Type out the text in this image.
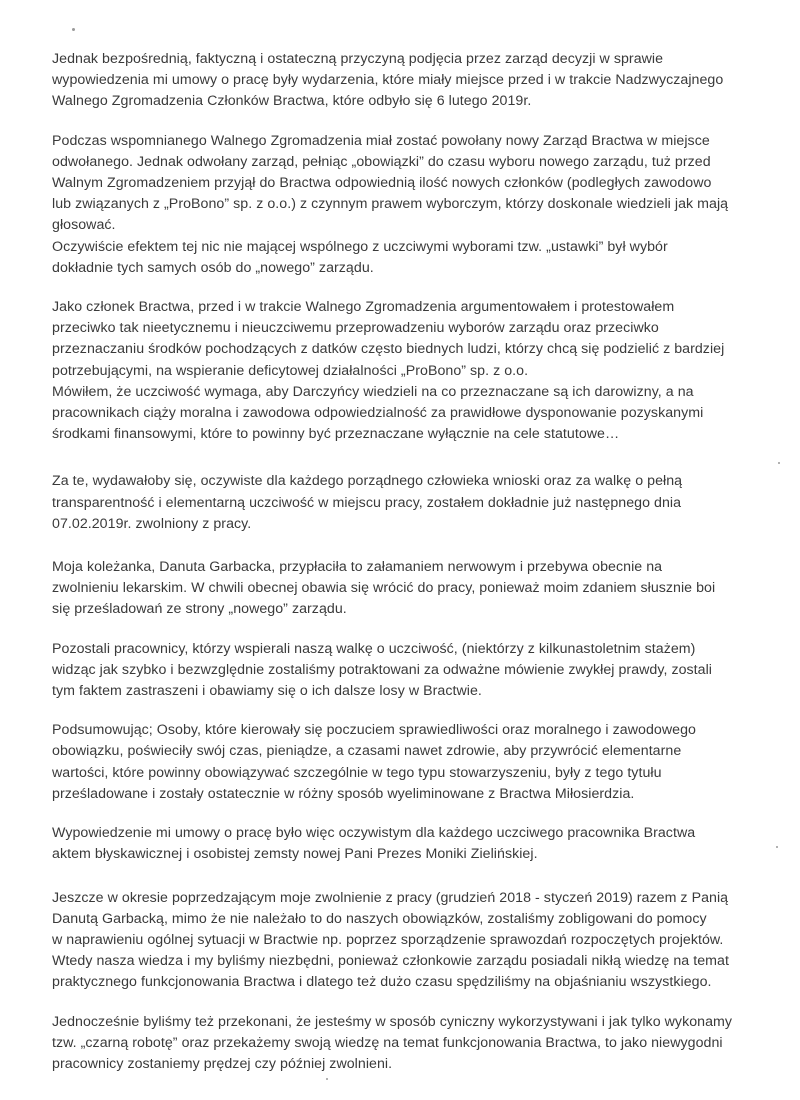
Jednak bezpośrednią, faktyczną i ostateczną przyczyną podjęcia przez zarząd decyzji w sprawie
wypowiedzenia mi umowy o pracę były wydarzenia, które miały miejsce przed i w trakcie Nadzwyczajnego
Walnego Zgromadzenia Członków Bractwa, które odbyło się 6 lutego 2019r.

Podczas wspomnianego Walnego Zgromadzenia miał zostać powołany nowy Zarząd Bractwa w miejsce
odwołanego. Jednak odwołany zarząd, pełniąc „obowiązki” do czasu wyboru nowego zarządu, tuż przed
Walnym Zgromadzeniem przyjął do Bractwa odpowiednią ilość nowych członków (podległych zawodowo
lub związanych z „ProBono” sp. z o.o.) z czynnym prawem wyborczym, którzy doskonale wiedzieli jak mają
głosować.
Oczywiście efektem tej nic nie mającej wspólnego z uczciwymi wyborami tzw. „ustawki” był wybór
dokładnie tych samych osób do „nowego” zarządu.

Jako członek Bractwa, przed i w trakcie Walnego Zgromadzenia argumentowałem i protestowałem
przeciwko tak nieetycznemu i nieuczciwemu przeprowadzeniu wyborów zarządu oraz przeciwko
przeznaczaniu środków pochodzących z datków często biednych ludzi, którzy chcą się podzielić z bardziej
potrzebującymi, na wspieranie deficytowej działalności „ProBono” sp. z o.o.
Mówiłem, że uczciwość wymaga, aby Darczyńcy wiedzieli na co przeznaczane są ich darowizny, a na
pracownikach ciąży moralna i zawodowa odpowiedzialność za prawidłowe dysponowanie pozyskanymi
środkami finansowymi, które to powinny być przeznaczane wyłącznie na cele statutowe…

Za te, wydawałoby się, oczywiste dla każdego porządnego człowieka wnioski oraz za walkę o pełną
transparentność i elementarną uczciwość w miejscu pracy, zostałem dokładnie już następnego dnia
07.02.2019r. zwolniony z pracy.

Moja koleżanka, Danuta Garbacka, przypłaciła to załamaniem nerwowym i przebywa obecnie na
zwolnieniu lekarskim. W chwili obecnej obawia się wrócić do pracy, ponieważ moim zdaniem słusznie boi
się prześladowań ze strony „nowego” zarządu.

Pozostali pracownicy, którzy wspierali naszą walkę o uczciwość, (niektórzy z kilkunastoletnim stażem)
widząc jak szybko i bezwzględnie zostaliśmy potraktowani za odważne mówienie zwykłej prawdy, zostali
tym faktem zastraszeni i obawiamy się o ich dalsze losy w Bractwie.

Podsumowując; Osoby, które kierowały się poczuciem sprawiedliwości oraz moralnego i zawodowego
obowiązku, poświeciły swój czas, pieniądze, a czasami nawet zdrowie, aby przywrócić elementarne
wartości, które powinny obowiązywać szczególnie w tego typu stowarzyszeniu, były z tego tytułu
prześladowane i zostały ostatecznie w różny sposób wyeliminowane z Bractwa Miłosierdzia.

Wypowiedzenie mi umowy o pracę było więc oczywistym dla każdego uczciwego pracownika Bractwa
aktem błyskawicznej i osobistej zemsty nowej Pani Prezes Moniki Zielińskiej.

Jeszcze w okresie poprzedzającym moje zwolnienie z pracy (grudzień 2018 - styczeń 2019) razem z Panią
Danutą Garbacką, mimo że nie należało to do naszych obowiązków, zostaliśmy zobligowani do pomocy
w naprawieniu ogólnej sytuacji w Bractwie np. poprzez sporządzenie sprawozdań rozpoczętych projektów.
Wtedy nasza wiedza i my byliśmy niezbędni, ponieważ członkowie zarządu posiadali nikłą wiedzę na temat
praktycznego funkcjonowania Bractwa i dlatego też dużo czasu spędziliśmy na objaśnianiu wszystkiego.

Jednocześnie byliśmy też przekonani, że jesteśmy w sposób cyniczny wykorzystywani i jak tylko wykonamy
tzw. „czarną robotę” oraz przekażemy swoją wiedzę na temat funkcjonowania Bractwa, to jako niewygodni
pracownicy zostaniemy prędzej czy później zwolnieni.
